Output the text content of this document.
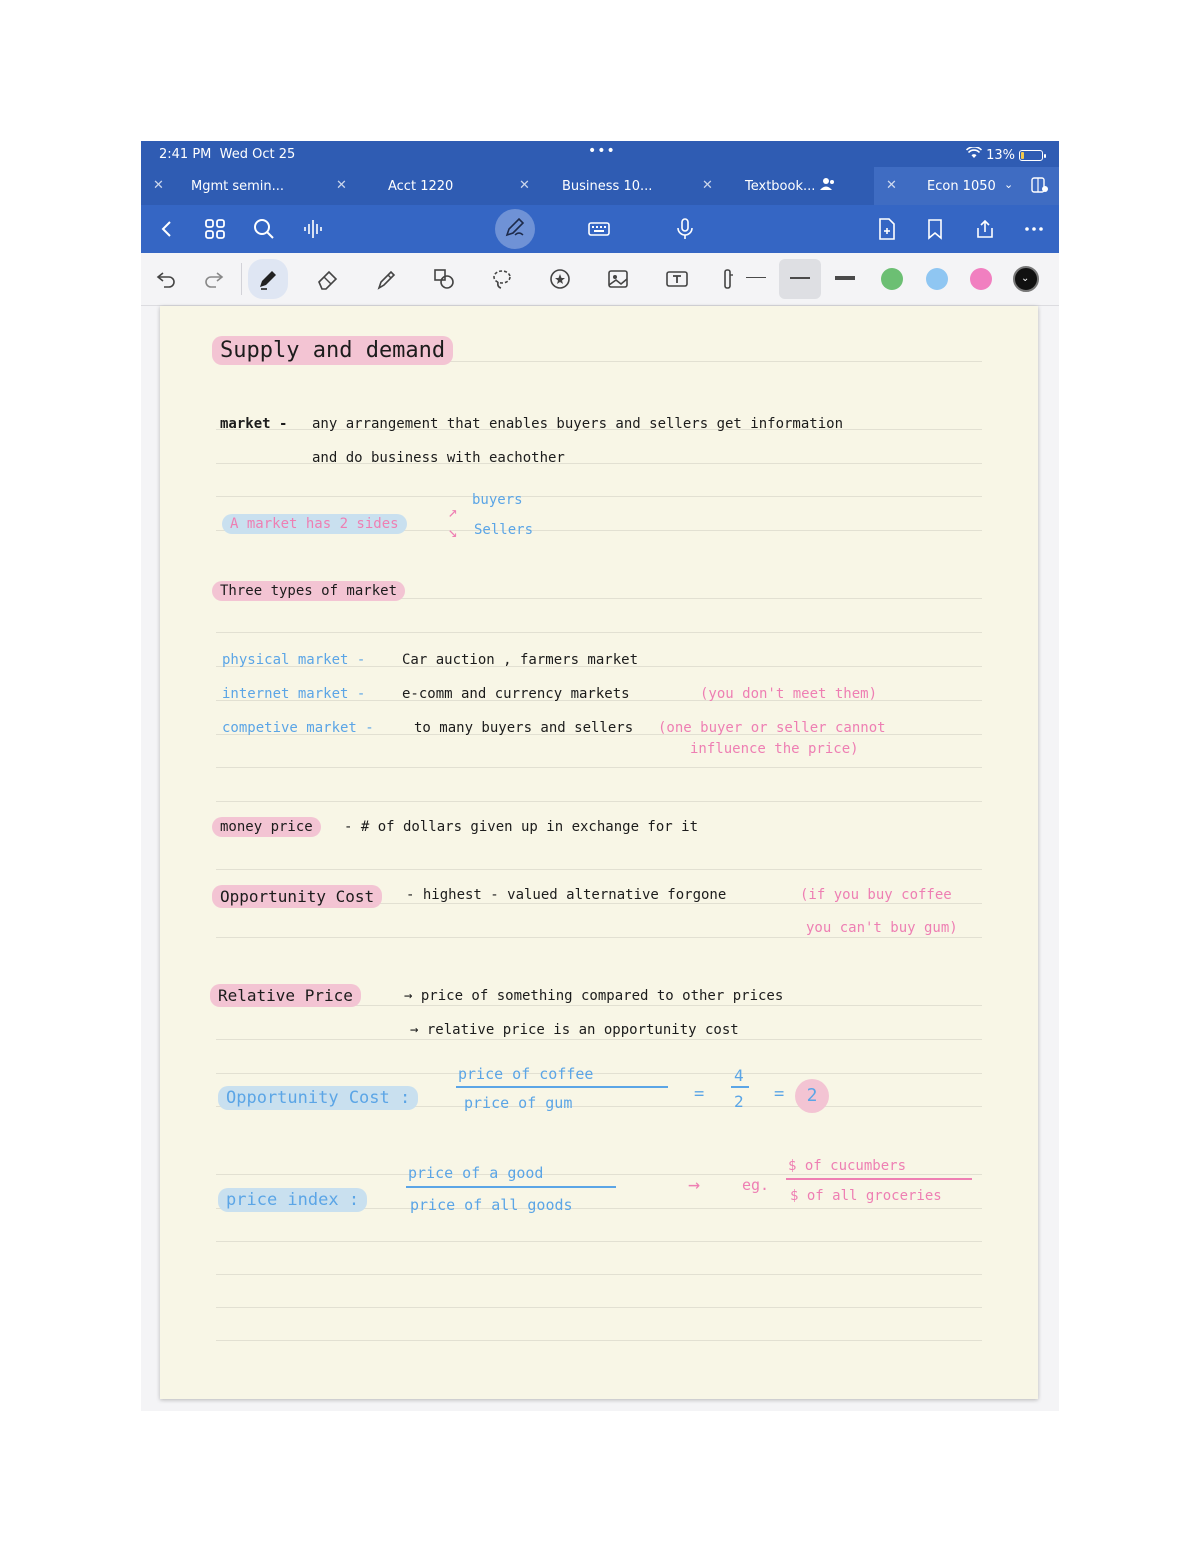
2:41 PM Wed Oct 25	•••	13%
✕ Mgmt semin...	✕	Acct 1220	✕ Business 10...	✕ Textbook...	✕ Econ 1050 ⌄
⌄
Supply and demand
market - any arrangement that enables buyers and sellers get information
and do business with eachother
A market has 2 sides
↗
↘
buyers
Sellers
Three types of market
physical market -	Car auction , farmers market
internet market -	e-comm and currency markets	(you don't meet them)
competive market -	to many buyers and sellers (one buyer or seller cannot
influence the price)
money price	- # of dollars given up in exchange for it
Opportunity Cost	- highest - valued alternative forgone	(if you buy coffee
you can't buy gum)
Relative Price	→ price of something compared to other prices
→ relative price is an opportunity cost
Opportunity Cost :
price of coffee
price of gum	=
4
2 =	2
price index :
price of a good
price of all goods
→	eg.
$ of cucumbers
$ of all groceries
